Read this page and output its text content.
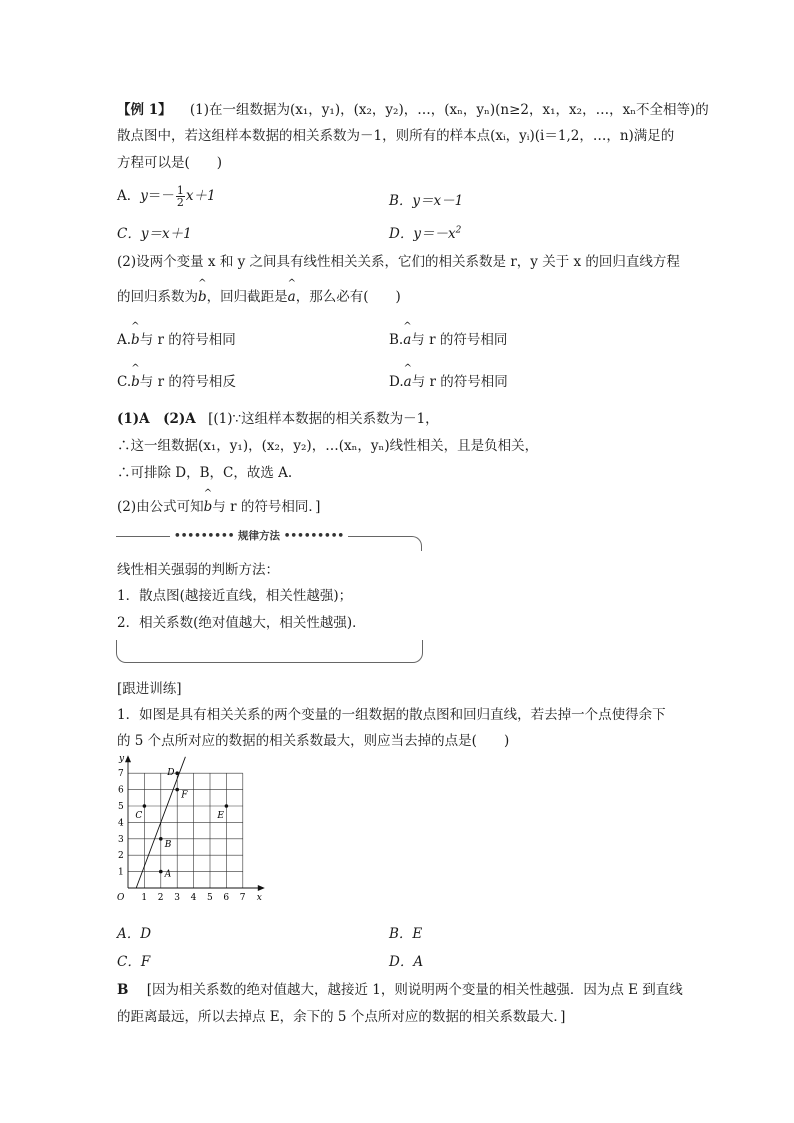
【例 1】 (1)在一组数据为(x₁，y₁)，(x₂，y₂)，…，(xₙ，yₙ)(n≥2，x₁，x₂，…，xₙ不全相等)的
散点图中，若这组样本数据的相关系数为－1，则所有的样本点(xᵢ，yᵢ)(i＝1,2，…，n)满足的
方程可以是(　　)
A．$y=- \frac{1}{2} x+1$	B．y＝x－1
C．y＝x＋1	D．$y=-x^2$
(2)设两个变量 x 和 y 之间具有线性相关关系，它们的相关系数是 r，y 关于 x 的回归直线方程
的回归系数为^ b，回归截距是^ a，那么必有(　　)
A.^ b与 r 的符号相同	B.^ a与 r 的符号相同
C.^ b与 r 的符号相反	D.^ a与 r 的符号相同
(1)A　(2)A [(1)∵这组样本数据的相关系数为－1，
∴这一组数据(x₁，y₁)，(x₂，y₂)，…(xₙ，yₙ)线性相关，且是负相关，
∴可排除 D，B，C，故选 A.
(2)由公式可知^ b与 r 的符号相同．]
••••••••• 规律方法 •••••••••
线性相关强弱的判断方法：
1．散点图(越接近直线，相关性越强)；
2．相关系数(绝对值越大，相关性越强)．
[跟进训练]
1．如图是具有相关关系的两个变量的一组数据的散点图和回归直线，若去掉一个点使得余下
的 5 个点所对应的数据的相关系数最大，则应当去掉的点是(　　)
x
y
O 1 2 3 4 5 6 7
1
2
3
4
5
6
7
A
B
C
D
E
F
A．D	B．E
C．F	D．A
B [因为相关系数的绝对值越大，越接近 1，则说明两个变量的相关性越强．因为点 E 到直线
的距离最远，所以去掉点 E，余下的 5 个点所对应的数据的相关系数最大．]
